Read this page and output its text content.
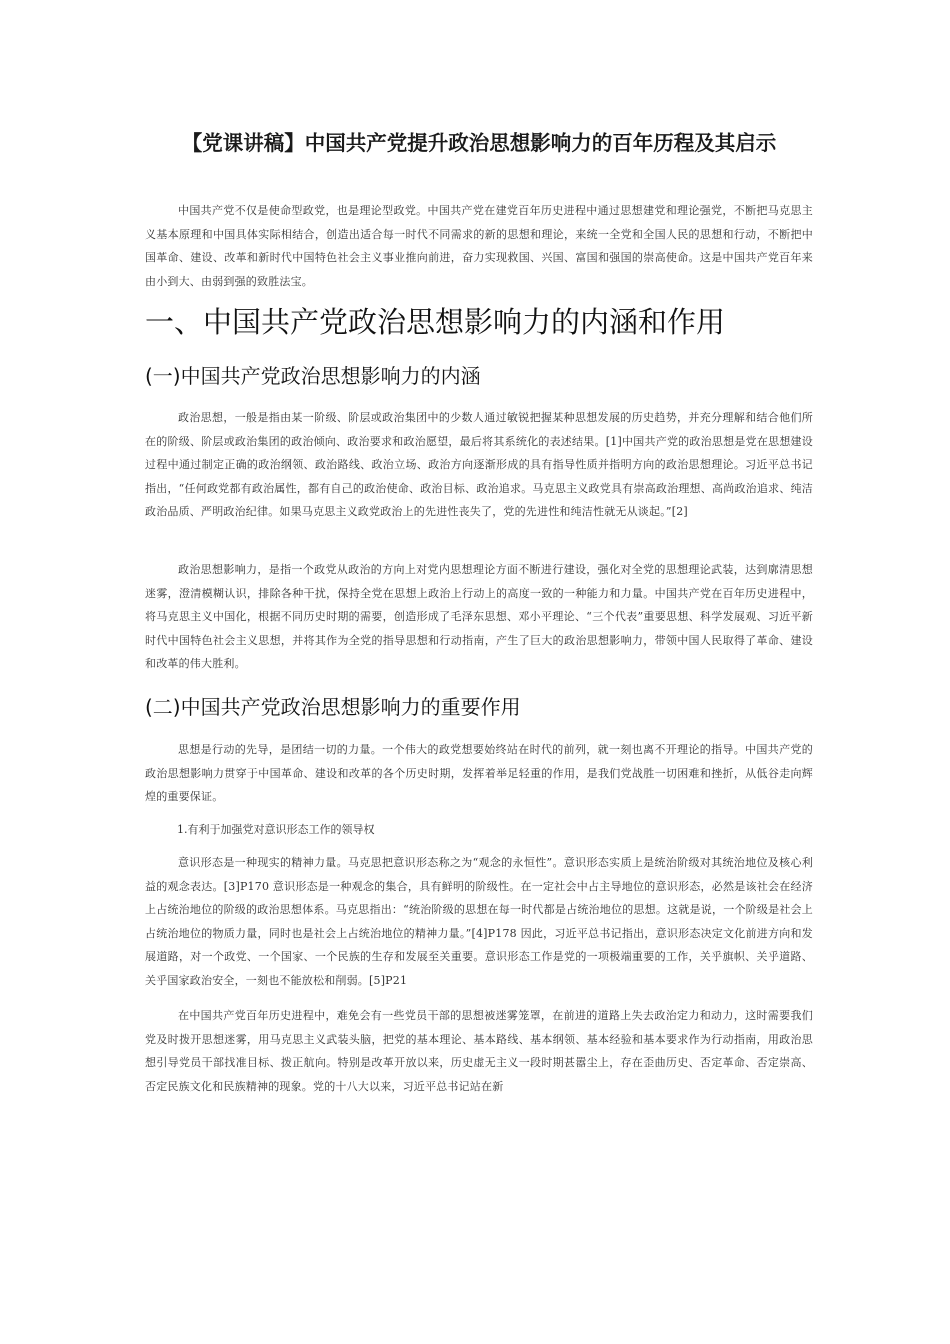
【党课讲稿】中国共产党提升政治思想影响力的百年历程及其启示

中国共产党不仅是使命型政党，也是理论型政党。中国共产党在建党百年历史进程中通过思想建党和理论强党，不断把马克思主义基本原理和中国具体实际相结合，创造出适合每一时代不同需求的新的思想和理论，来统一全党和全国人民的思想和行动，不断把中国革命、建设、改革和新时代中国特色社会主义事业推向前进，奋力实现救国、兴国、富国和强国的崇高使命。这是中国共产党百年来由小到大、由弱到强的致胜法宝。

一、中国共产党政治思想影响力的内涵和作用
(一)中国共产党政治思想影响力的内涵

政治思想，一般是指由某一阶级、阶层或政治集团中的少数人通过敏锐把握某种思想发展的历史趋势，并充分理解和结合他们所在的阶级、阶层或政治集团的政治倾向、政治要求和政治愿望，最后将其系统化的表述结果。[1]中国共产党的政治思想是党在思想建设过程中通过制定正确的政治纲领、政治路线、政治立场、政治方向逐渐形成的具有指导性质并指明方向的政治思想理论。习近平总书记指出，“任何政党都有政治属性，都有自己的政治使命、政治目标、政治追求。马克思主义政党具有崇高政治理想、高尚政治追求、纯洁政治品质、严明政治纪律。如果马克思主义政党政治上的先进性丧失了，党的先进性和纯洁性就无从谈起。”[2]

政治思想影响力，是指一个政党从政治的方向上对党内思想理论方面不断进行建设，强化对全党的思想理论武装，达到廓清思想迷雾，澄清模糊认识，排除各种干扰，保持全党在思想上政治上行动上的高度一致的一种能力和力量。中国共产党在百年历史进程中，将马克思主义中国化，根据不同历史时期的需要，创造形成了毛泽东思想、邓小平理论、“三个代表”重要思想、科学发展观、习近平新时代中国特色社会主义思想，并将其作为全党的指导思想和行动指南，产生了巨大的政治思想影响力，带领中国人民取得了革命、建设和改革的伟大胜利。

(二)中国共产党政治思想影响力的重要作用

思想是行动的先导，是团结一切的力量。一个伟大的政党想要始终站在时代的前列，就一刻也离不开理论的指导。中国共产党的政治思想影响力贯穿于中国革命、建设和改革的各个历史时期，发挥着举足轻重的作用，是我们党战胜一切困难和挫折，从低谷走向辉煌的重要保证。

1.有利于加强党对意识形态工作的领导权

意识形态是一种现实的精神力量。马克思把意识形态称之为“观念的永恒性”。意识形态实质上是统治阶级对其统治地位及核心利益的观念表达。[3]P170 意识形态是一种观念的集合，具有鲜明的阶级性。在一定社会中占主导地位的意识形态，必然是该社会在经济上占统治地位的阶级的政治思想体系。马克思指出：“统治阶级的思想在每一时代都是占统治地位的思想。这就是说，一个阶级是社会上占统治地位的物质力量，同时也是社会上占统治地位的精神力量。”[4]P178 因此，习近平总书记指出，意识形态决定文化前进方向和发展道路，对一个政党、一个国家、一个民族的生存和发展至关重要。意识形态工作是党的一项极端重要的工作，关乎旗帜、关乎道路、关乎国家政治安全，一刻也不能放松和削弱。[5]P21

在中国共产党百年历史进程中，难免会有一些党员干部的思想被迷雾笼罩，在前进的道路上失去政治定力和动力，这时需要我们党及时拨开思想迷雾，用马克思主义武装头脑，把党的基本理论、基本路线、基本纲领、基本经验和基本要求作为行动指南，用政治思想引导党员干部找准目标、拨正航向。特别是改革开放以来，历史虚无主义一段时期甚嚣尘上，存在歪曲历史、否定革命、否定崇高、否定民族文化和民族精神的现象。党的十八大以来，习近平总书记站在新
